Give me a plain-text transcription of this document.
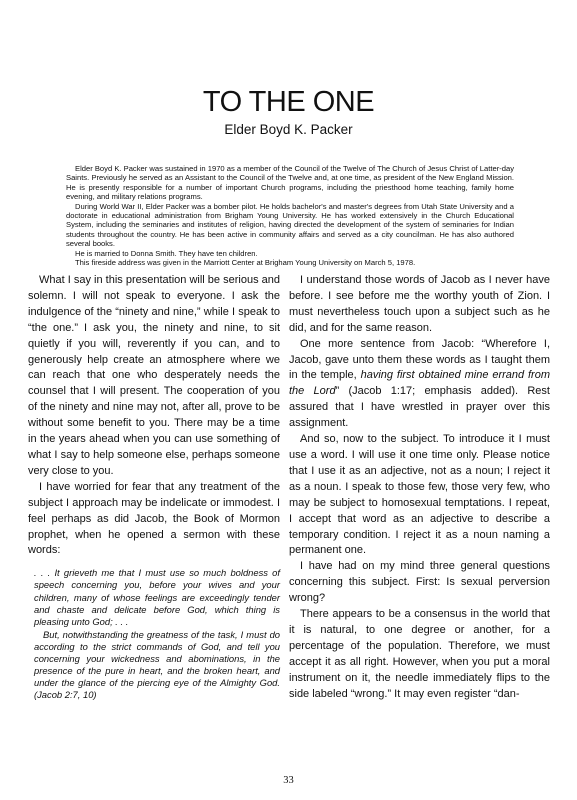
TO THE ONE
Elder Boyd K. Packer

Elder Boyd K. Packer was sustained in 1970 as a member of the Council of the Twelve of The Church of Jesus Christ of Latter-day Saints. Previously he served as an Assistant to the Council of the Twelve and, at one time, as president of the New England Mission. He is presently responsible for a number of important Church programs, including the priesthood home teaching, family home evening, and military relations programs.

During World War II, Elder Packer was a bomber pilot. He holds bachelor's and master's degrees from Utah State University and a doctorate in educational administration from Brigham Young University. He has worked extensively in the Church Educational System, including the seminaries and institutes of religion, having directed the development of the system of seminaries for Indian students throughout the country. He has been active in community affairs and served as a city councilman. He has also authored several books.

He is married to Donna Smith. They have ten children.

This fireside address was given in the Marriott Center at Brigham Young University on March 5, 1978.

What I say in this presentation will be serious and solemn. I will not speak to everyone. I ask the indulgence of the “ninety and nine,” while I speak to “the one.” I ask you, the ninety and nine, to sit quietly if you will, reverently if you can, and to generously help create an atmosphere where we can reach that one who desperately needs the counsel that I will present. The cooperation of you of the ninety and nine may not, after all, prove to be without some benefit to you. There may be a time in the years ahead when you can use something of what I say to help someone else, perhaps someone very close to you.

I have worried for fear that any treatment of the subject I approach may be indelicate or immodest. I feel perhaps as did Jacob, the Book of Mormon prophet, when he opened a sermon with these words:

. . . It grieveth me that I must use so much boldness of speech concerning you, before your wives and your children, many of whose feelings are exceedingly tender and chaste and delicate before God, which thing is pleasing unto God; . . .

But, notwithstanding the greatness of the task, I must do according to the strict commands of God, and tell you concerning your wickedness and abominations, in the presence of the pure in heart, and the broken heart, and under the glance of the piercing eye of the Almighty God. (Jacob 2:7, 10)

I understand those words of Jacob as I never have before. I see before me the worthy youth of Zion. I must nevertheless touch upon a subject such as he did, and for the same reason.

One more sentence from Jacob: “Wherefore I, Jacob, gave unto them these words as I taught them in the temple, having first obtained mine errand from the Lord” (Jacob 1:17; emphasis added). Rest assured that I have wrestled in prayer over this assignment.

And so, now to the subject. To introduce it I must use a word. I will use it one time only. Please notice that I use it as an adjective, not as a noun; I reject it as a noun. I speak to those few, those very few, who may be subject to homosexual temptations. I repeat, I accept that word as an adjective to describe a temporary condition. I reject it as a noun naming a permanent one.

I have had on my mind three general questions concerning this subject. First: Is sexual perversion wrong?

There appears to be a consensus in the world that it is natural, to one degree or another, for a percentage of the population. Therefore, we must accept it as all right. However, when you put a moral instrument on it, the needle immediately flips to the side labeled “wrong.” It may even register “dan-

33
